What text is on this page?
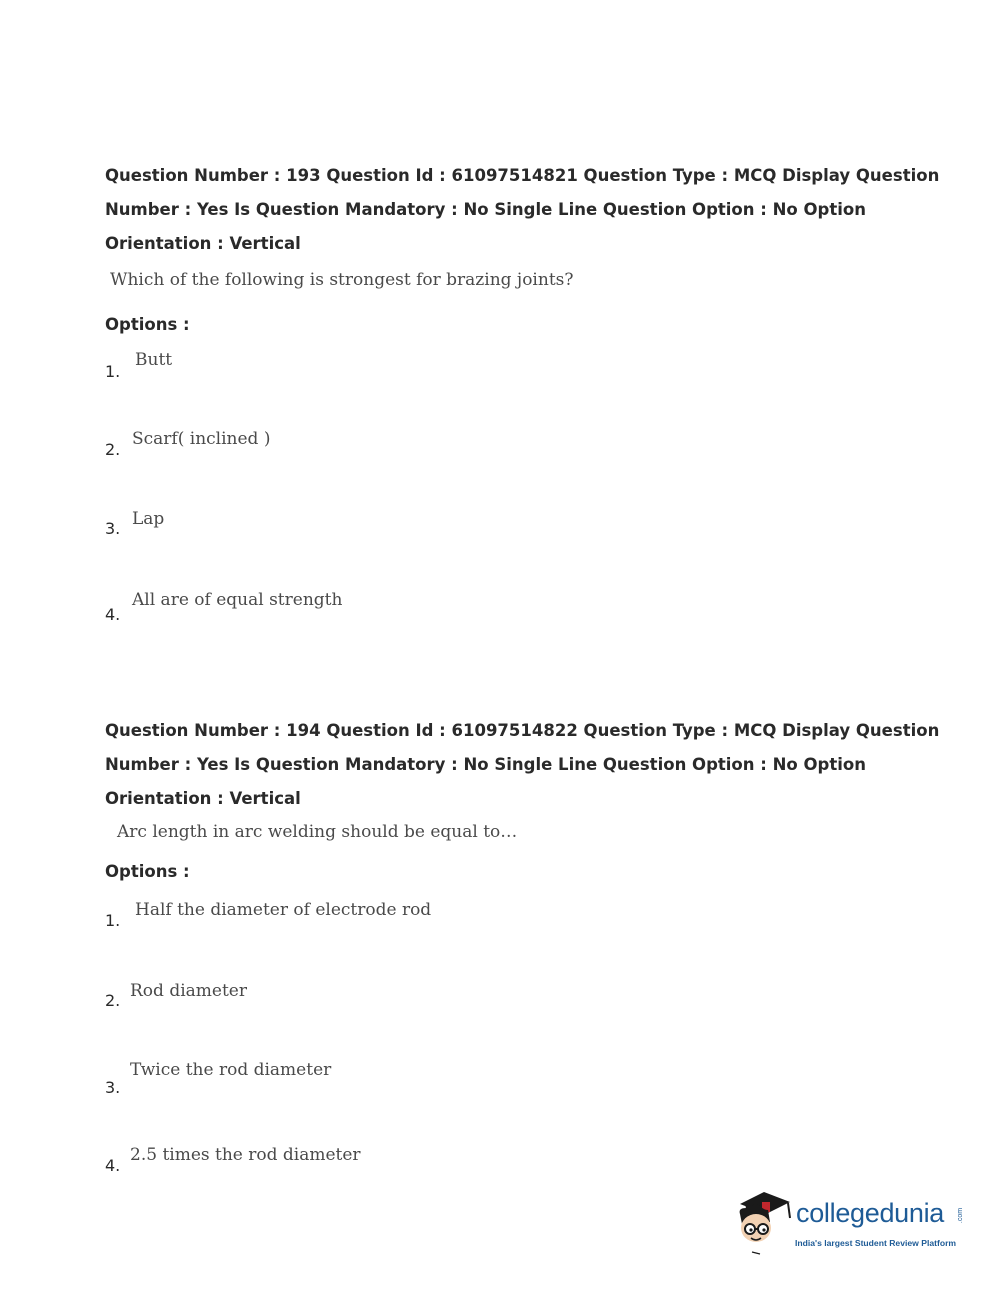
Question Number : 193 Question Id : 61097514821 Question Type : MCQ Display Question
Number : Yes Is Question Mandatory : No Single Line Question Option : No Option
Orientation : Vertical
Which of the following is strongest for brazing joints?
Options :
1.
Butt
2.
Scarf( inclined )
3. Lap
4.
All are of equal strength
Question Number : 194 Question Id : 61097514822 Question Type : MCQ Display Question
Number : Yes Is Question Mandatory : No Single Line Question Option : No Option
Orientation : Vertical
Arc length in arc welding should be equal to…
Options :
1.
Half the diameter of electrode rod
2. Rod diameter
3.
Twice the rod diameter
4.
2.5 times the rod diameter
collegedunia .com
India's largest Student Review Platform
